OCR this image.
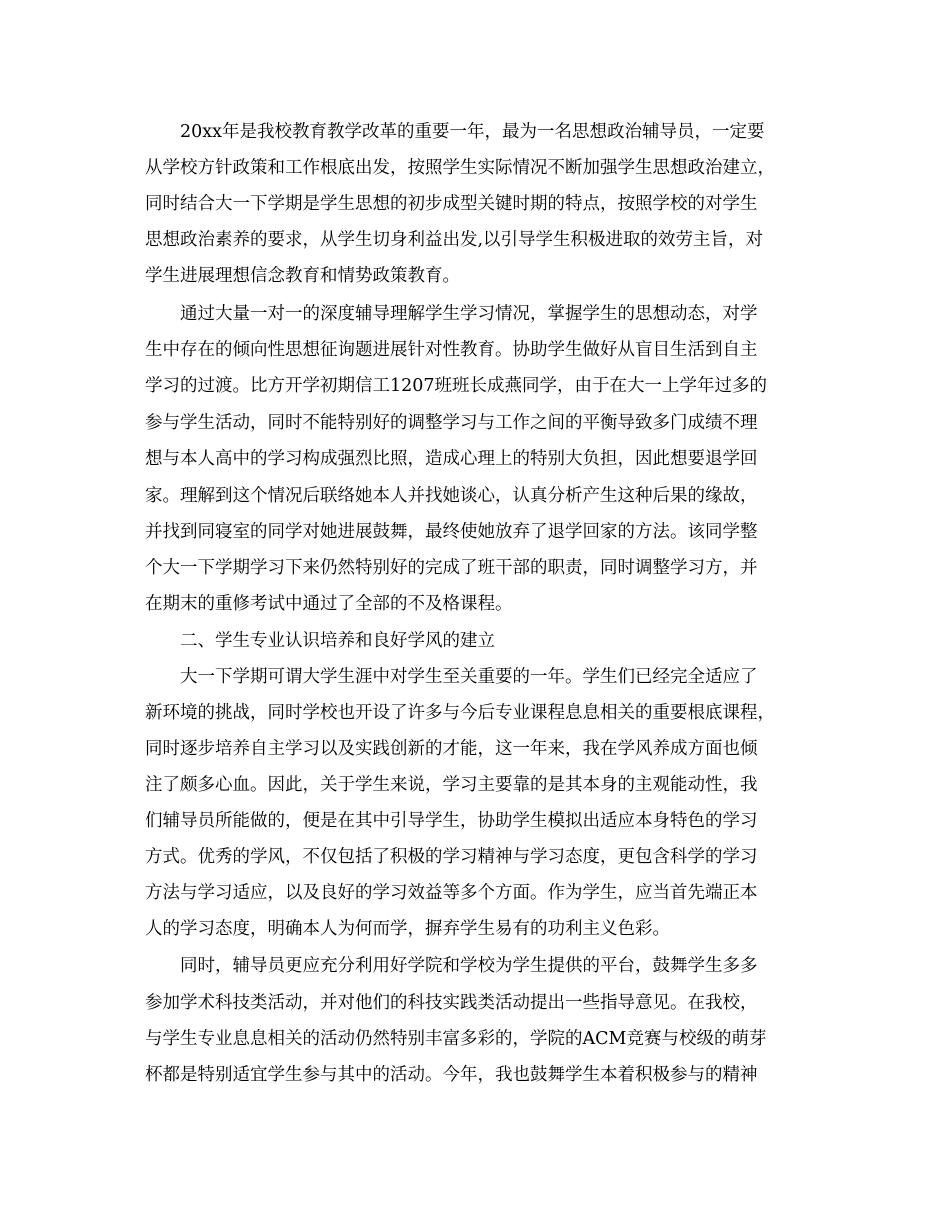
20xx年是我校教育教学改革的重要一年，最为一名思想政治辅导员，一定要
从学校方针政策和工作根底出发，按照学生实际情况不断加强学生思想政治建立，
同时结合大一下学期是学生思想的初步成型关键时期的特点，按照学校的对学生
思想政治素养的要求，从学生切身利益出发,以引导学生积极进取的效劳主旨，对
学生进展理想信念教育和情势政策教育。
通过大量一对一的深度辅导理解学生学习情况，掌握学生的思想动态，对学
生中存在的倾向性思想征询题进展针对性教育。协助学生做好从盲目生活到自主
学习的过渡。比方开学初期信工1207班班长成燕同学，由于在大一上学年过多的
参与学生活动，同时不能特别好的调整学习与工作之间的平衡导致多门成绩不理
想与本人高中的学习构成强烈比照，造成心理上的特别大负担，因此想要退学回
家。理解到这个情况后联络她本人并找她谈心，认真分析产生这种后果的缘故，
并找到同寝室的同学对她进展鼓舞，最终使她放弃了退学回家的方法。该同学整
个大一下学期学习下来仍然特别好的完成了班干部的职责，同时调整学习方，并
在期末的重修考试中通过了全部的不及格课程。
二、学生专业认识培养和良好学风的建立
大一下学期可谓大学生涯中对学生至关重要的一年。学生们已经完全适应了
新环境的挑战，同时学校也开设了许多与今后专业课程息息相关的重要根底课程，
同时逐步培养自主学习以及实践创新的才能，这一年来，我在学风养成方面也倾
注了颇多心血。因此，关于学生来说，学习主要靠的是其本身的主观能动性，我
们辅导员所能做的，便是在其中引导学生，协助学生模拟出适应本身特色的学习
方式。优秀的学风，不仅包括了积极的学习精神与学习态度，更包含科学的学习
方法与学习适应，以及良好的学习效益等多个方面。作为学生，应当首先端正本
人的学习态度，明确本人为何而学，摒弃学生易有的功利主义色彩。
同时，辅导员更应充分利用好学院和学校为学生提供的平台，鼓舞学生多多
参加学术科技类活动，并对他们的科技实践类活动提出一些指导意见。在我校，
与学生专业息息相关的活动仍然特别丰富多彩的，学院的ACM竞赛与校级的萌芽
杯都是特别适宜学生参与其中的活动。今年，我也鼓舞学生本着积极参与的精神
